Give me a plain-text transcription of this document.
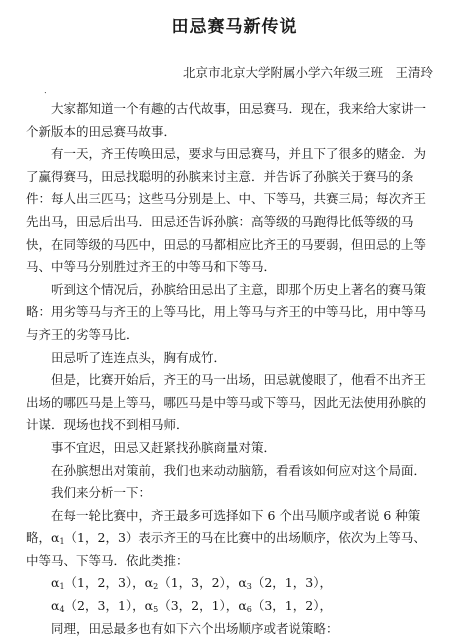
田忌赛马新传说
北京市北京大学附属小学六年级三班　王清玲
．
大家都知道一个有趣的古代故事，田忌赛马．现在，我来给大家讲一
个新版本的田忌赛马故事．
有一天，齐王传唤田忌，要求与田忌赛马，并且下了很多的赌金．为
了赢得赛马，田忌找聪明的孙膑来讨主意．并告诉了孙膑关于赛马的条
件：每人出三匹马；这些马分别是上、中、下等马，共赛三局；每次齐王
先出马，田忌后出马．田忌还告诉孙膑：高等级的马跑得比低等级的马
快，在同等级的马匹中，田忌的马都相应比齐王的马要弱，但田忌的上等
马、中等马分别胜过齐王的中等马和下等马．
听到这个情况后，孙膑给田忌出了主意，即那个历史上著名的赛马策
略：用劣等马与齐王的上等马比，用上等马与齐王的中等马比，用中等马
与齐王的劣等马比．
田忌听了连连点头，胸有成竹．
但是，比赛开始后，齐王的马一出场，田忌就傻眼了，他看不出齐王
出场的哪匹马是上等马，哪匹马是中等马或下等马，因此无法使用孙膑的
计谋．现场也找不到相马师．
事不宜迟，田忌又赶紧找孙膑商量对策．
在孙膑想出对策前，我们也来动动脑筋，看看该如何应对这个局面．
我们来分析一下：
在每一轮比赛中，齐王最多可选择如下 6 个出马顺序或者说 6 种策
略，$\alpha_1(1$，2，3）表示齐王的马在比赛中的出场顺序，依次为上等马、
中等马、下等马．依此类推：
$\alpha_1(1$，2，3），$\alpha_2(1$，3，2），$\alpha_3(2$，1，3），
$\alpha_4(2$，3，1），$\alpha_5(3$，2，1），$\alpha_6(3$，1，2），
同理，田忌最多也有如下六个出场顺序或者说策略：
